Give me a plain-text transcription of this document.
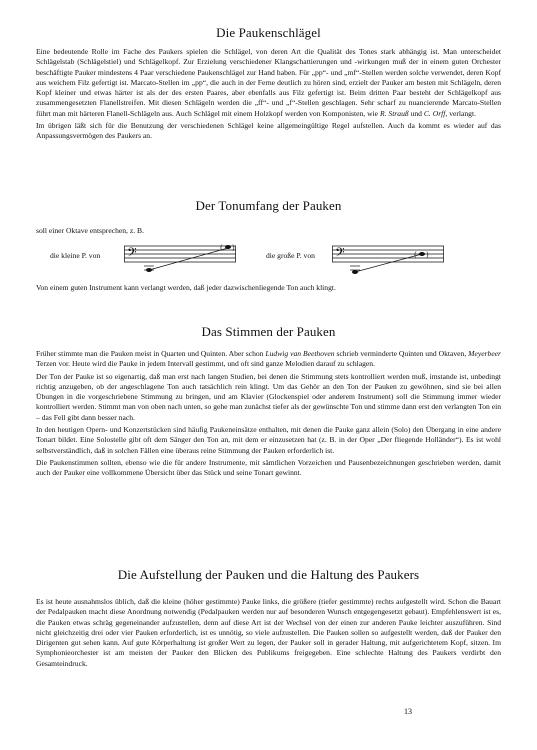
Die Paukenschlägel

Eine bedeutende Rolle im Fache des Paukers spielen die Schlägel, von deren Art die Qualität des Tones stark abhängig ist. Man unterscheidet Schlägelstab (Schlägelstiel) und Schlägelkopf. Zur Erzielung verschiedener Klangschattierungen und -wirkungen muß der in einem guten Orchester beschäftigte Pauker mindestens 4 Paar verschiedene Paukenschlägel zur Hand haben. Für „pp“- und „mf“-Stellen werden solche verwendet, deren Kopf aus weichem Filz gefertigt ist. Marcato-Stellen im „pp“, die auch in der Ferne deutlich zu hören sind, erzielt der Pauker am besten mit Schlägeln, deren Kopf kleiner und etwas härter ist als der des ersten Paares, aber ebenfalls aus Filz gefertigt ist. Beim dritten Paar besteht der Schlägelkopf aus zusammengesetzten Flanellstreifen. Mit diesen Schlägeln werden die „ff“- und „f“-Stellen geschlagen. Sehr scharf zu nuancierende Marcato-Stellen führt man mit härteren Flanell-Schlägeln aus. Auch Schlägel mit einem Holzkopf werden von Komponisten, wie R. Strauß und C. Orff, verlangt.

Im übrigen läßt sich für die Benutzung der verschiedenen Schlägel keine allgemeingültige Regel aufstellen. Auch da kommt es wieder auf das Anpassungsvermögen des Paukers an.

Der Tonumfang der Pauken
soll einer Oktave entsprechen, z. B.
die kleine P. von 𝄢	( )
die große P. von 𝄢	( )
Von einem guten Instrument kann verlangt werden, daß jeder dazwischenliegende Ton auch klingt.
Das Stimmen der Pauken

Früher stimmte man die Pauken meist in Quarten und Quinten. Aber schon Ludwig van Beethoven schrieb verminderte Quinten und Oktaven, Meyerbeer Terzen vor. Heute wird die Pauke in jedem Intervall gestimmt, und oft sind ganze Melodien darauf zu schlagen.

Der Ton der Pauke ist so eigenartig, daß man erst nach langen Studien, bei denen die Stimmung stets kontrolliert werden muß, imstande ist, unbedingt richtig anzugeben, ob der angeschlagene Ton auch tatsächlich rein klingt. Um das Gehör an den Ton der Pauken zu gewöhnen, sind sie bei allen Übungen in die vorgeschriebene Stimmung zu bringen, und am Klavier (Glockenspiel oder anderem Instrument) soll die Stimmung immer wieder kontrolliert werden. Stimmt man von oben nach unten, so gehe man zunächst tiefer als der gewünschte Ton und stimme dann erst den verlangten Ton ein – das Fell gibt dann besser nach.

In den heutigen Opern- und Konzertstücken sind häufig Paukeneinsätze enthalten, mit denen die Pauke ganz allein (Solo) den Übergang in eine andere Tonart bildet. Eine Solostelle gibt oft dem Sänger den Ton an, mit dem er einzusetzen hat (z. B. in der Oper „Der fliegende Holländer“). Es ist wohl selbstverständlich, daß in solchen Fällen eine überaus reine Stimmung der Pauken erforderlich ist.

Die Paukenstimmen sollten, ebenso wie die für andere Instrumente, mit sämtlichen Vorzeichen und Pausenbezeichnungen geschrieben werden, damit auch der Pauker eine vollkommene Übersicht über das Stück und seine Tonart gewinnt.

Die Aufstellung der Pauken und die Haltung des Paukers

Es ist heute ausnahmslos üblich, daß die kleine (höher gestimmte) Pauke links, die größere (tiefer gestimmte) rechts aufgestellt wird. Schon die Bauart der Pedalpauken macht diese Anordnung notwendig (Pedalpauken werden nur auf besonderen Wunsch entgegengesetzt gebaut). Empfehlenswert ist es, die Pauken etwas schräg gegeneinander aufzustellen, denn auf diese Art ist der Wechsel von der einen zur anderen Pauke leichter auszuführen. Sind nicht gleichzeitig drei oder vier Pauken erforderlich, ist es unnötig, so viele aufzustellen. Die Pauken sollen so aufgestellt werden, daß der Pauker den Dirigenten gut sehen kann. Auf gute Körperhaltung ist großer Wert zu legen, der Pauker soll in gerader Haltung, mit aufgerichtetem Kopf, sitzen. Im Symphonieorchester ist am meisten der Pauker den Blicken des Publikums freigegeben. Eine schlechte Haltung des Paukers verdirbt den Gesamteindruck.

13
